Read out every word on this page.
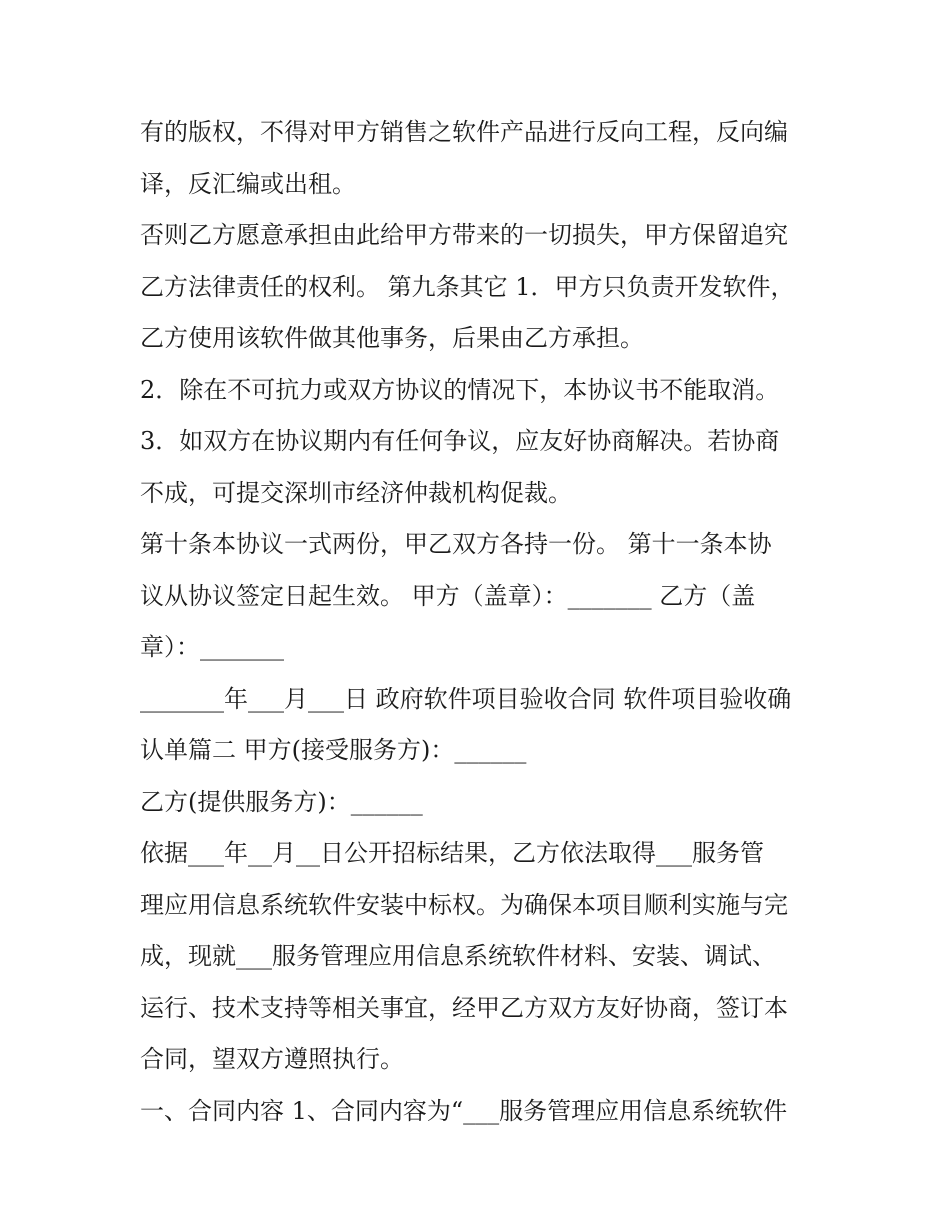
有的版权，不得对甲方销售之软件产品进行反向工程，反向编
译，反汇编或出租。
否则乙方愿意承担由此给甲方带来的一切损失，甲方保留追究
乙方法律责任的权利。 第九条其它 1．甲方只负责开发软件，
乙方使用该软件做其他事务，后果由乙方承担。
2．除在不可抗力或双方协议的情况下，本协议书不能取消。
3．如双方在协议期内有任何争议，应友好协商解决。若协商
不成，可提交深圳市经济仲裁机构促裁。
第十条本协议一式两份，甲乙双方各持一份。 第十一条本协
议从协议签定日起生效。 甲方（盖章）：_______ 乙方（盖
章）：_______
_______年___月___日 政府软件项目验收合同 软件项目验收确
认单篇二 甲方(接受服务方)：______
乙方(提供服务方)：______
依据___年__月__日公开招标结果，乙方依法取得___服务管
理应用信息系统软件安装中标权。为确保本项目顺利实施与完
成，现就___服务管理应用信息系统软件材料、安装、调试、
运行、技术支持等相关事宜，经甲乙方双方友好协商，签订本
合同，望双方遵照执行。
一、合同内容 1、合同内容为“___服务管理应用信息系统软件
